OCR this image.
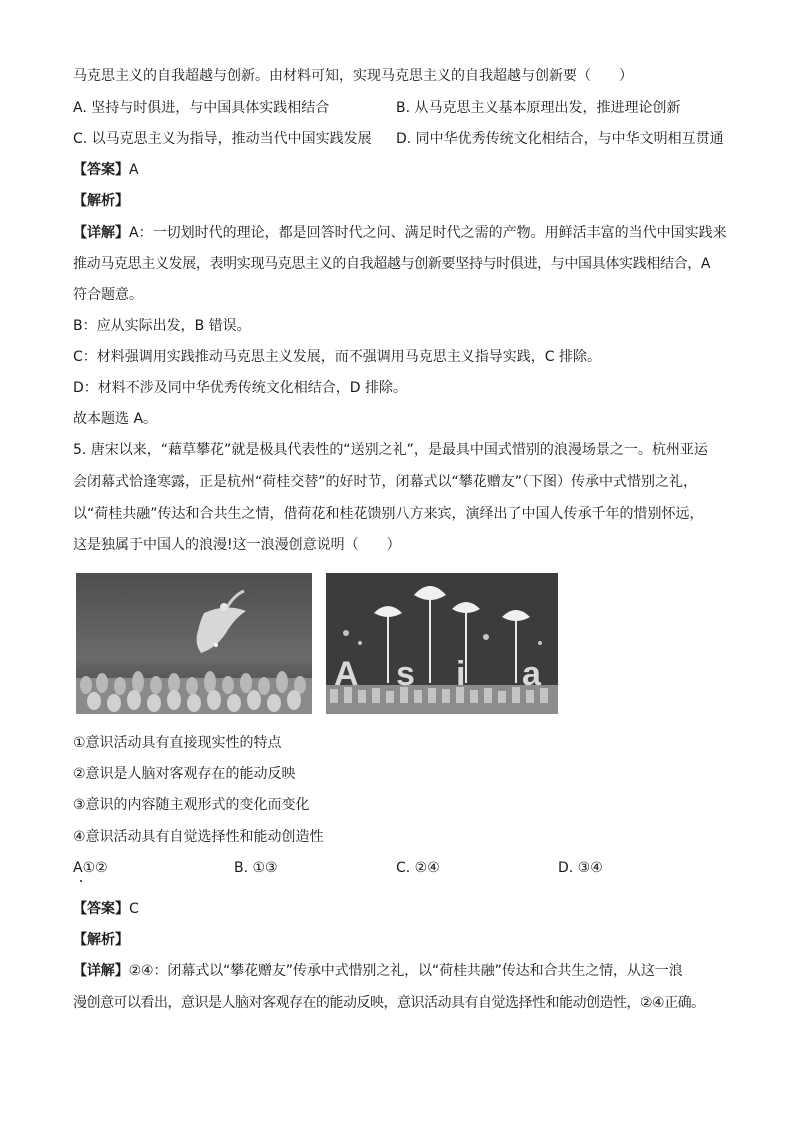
马克思主义的自我超越与创新。由材料可知，实现马克思主义的自我超越与创新要（　　）
A. 坚持与时俱进，与中国具体实践相结合	B. 从马克思主义基本原理出发，推进理论创新
C. 以马克思主义为指导，推动当代中国实践发展 D. 同中华优秀传统文化相结合，与中华文明相互贯通
【答案】A
【解析】
【详解】A：一切划时代的理论，都是回答时代之问、满足时代之需的产物。用鲜活丰富的当代中国实践来
推动马克思主义发展，表明实现马克思主义的自我超越与创新要坚持与时俱进，与中国具体实践相结合，A
符合题意。
B：应从实际出发，B 错误。
C：材料强调用实践推动马克思主义发展，而不强调用马克思主义指导实践，C 排除。
D：材料不涉及同中华优秀传统文化相结合，D 排除。
故本题选 A。
5. 唐宋以来，“藉草攀花”就是极具代表性的“送别之礼”，是最具中国式惜别的浪漫场景之一。杭州亚运
会闭幕式恰逢寒露，正是杭州“荷桂交替”的好时节，闭幕式以“攀花赠友”（下图）传承中式惜别之礼，
以“荷桂共融”传达和合共生之情，借荷花和桂花馈别八方来宾，演绎出了中国人传承千年的惜别怀远，
这是独属于中国人的浪漫!这一浪漫创意说明（　　）
A s i a
①意识活动具有直接现实性的特点
②意识是人脑对客观存在的能动反映
③意识的内容随主观形式的变化而变化
④意识活动具有自觉选择性和能动创造性
A①②	B. ①③	C. ②④	D. ③④
【答案】C
【解析】
【详解】②④：闭幕式以“攀花赠友”传承中式惜别之礼，以“荷桂共融”传达和合共生之情，从这一浪
漫创意可以看出，意识是人脑对客观存在的能动反映，意识活动具有自觉选择性和能动创造性，②④正确。
